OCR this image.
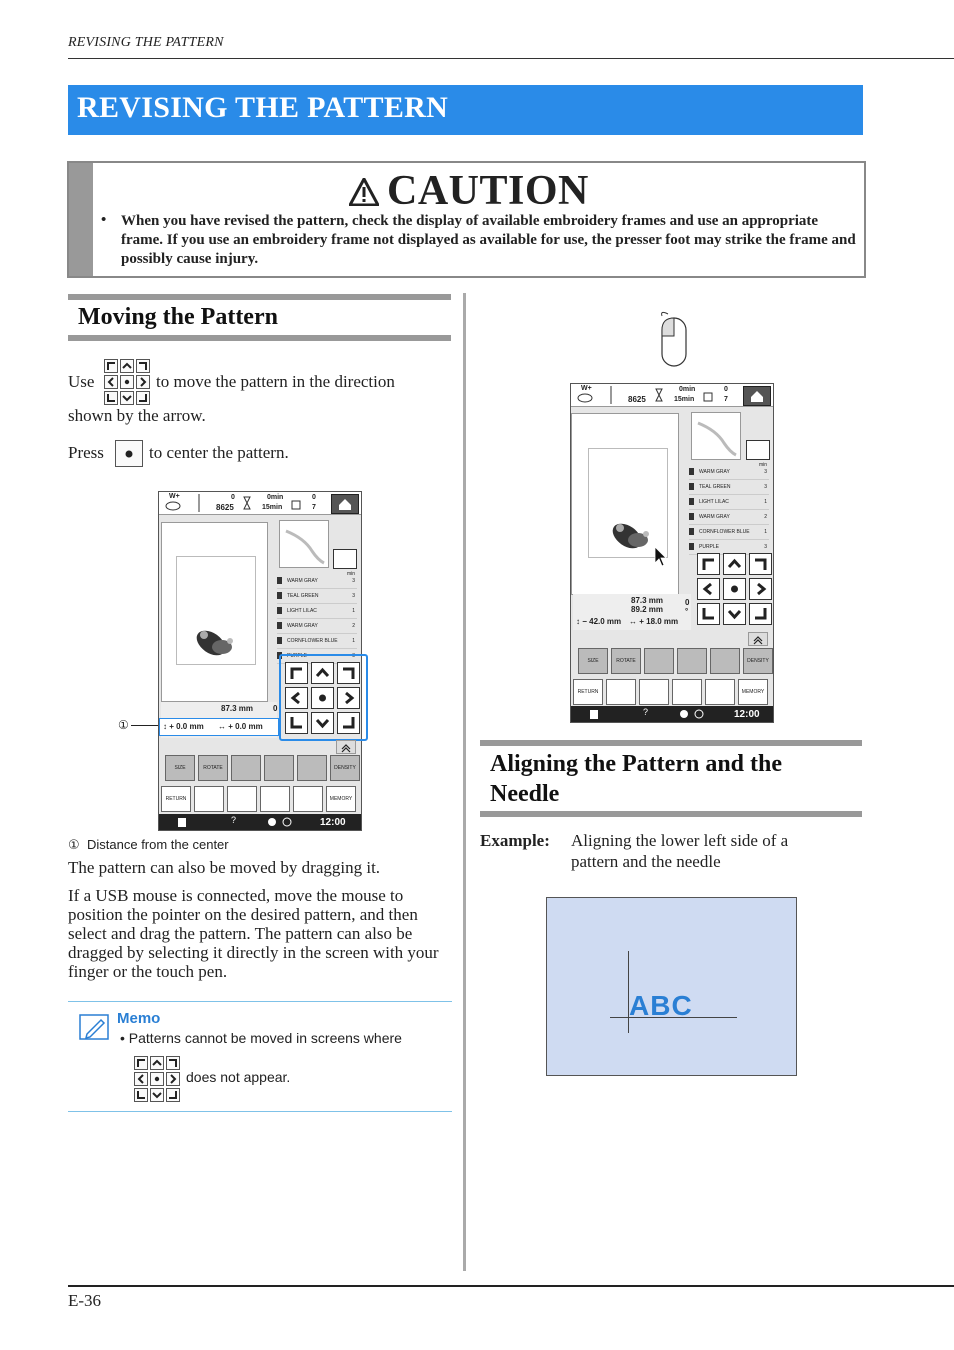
REVISING THE PATTERN
REVISING THE PATTERN
CAUTION
• When you have revised the pattern, check the display of available embroidery frames and use an appropriate frame. If you use an embroidery frame not displayed as available for use, the presser foot may strike the frame and possibly cause injury.
Moving the Pattern
Use	to move the pattern in the direction
shown by the arrow.
Press	to center the pattern.
W+
8625
0	0min
15min
0
7
min
WARM GRAY	3
TEAL GREEN	3
LIGHT LILAC	1
WARM GRAY	2
CORNFLOWER BLUE	1
PURPLE	3
87.3 mm 0
↕ + 0.0 mm ↔ + 0.0 mm
SIZE	ROTATE	DENSITY
RETURN	MEMORY
?	12:00
①
① Distance from the center
The pattern can also be moved by dragging it.
If a USB mouse is connected, move the mouse to position the pointer on the desired pattern, and then select and drag the pattern. The pattern can also be dragged by selecting it directly in the screen with your finger or the touch pen.
Memo
• Patterns cannot be moved in screens where
does not appear.
W+
8625
0min
15min
0
7
min
WARM GRAY	3
TEAL GREEN	3
LIGHT LILAC	1
WARM GRAY	2
CORNFLOWER BLUE	1
PURPLE	3
87.3 mm
89.2 mm
0 °
↕ − 42.0 mm ↔ + 18.0 mm
SIZE	ROTATE	DENSITY
RETURN	MEMORY
?	12:00
Aligning the Pattern and the
Needle
Example: Aligning the lower left side of a
pattern and the needle
ABC
E-36
